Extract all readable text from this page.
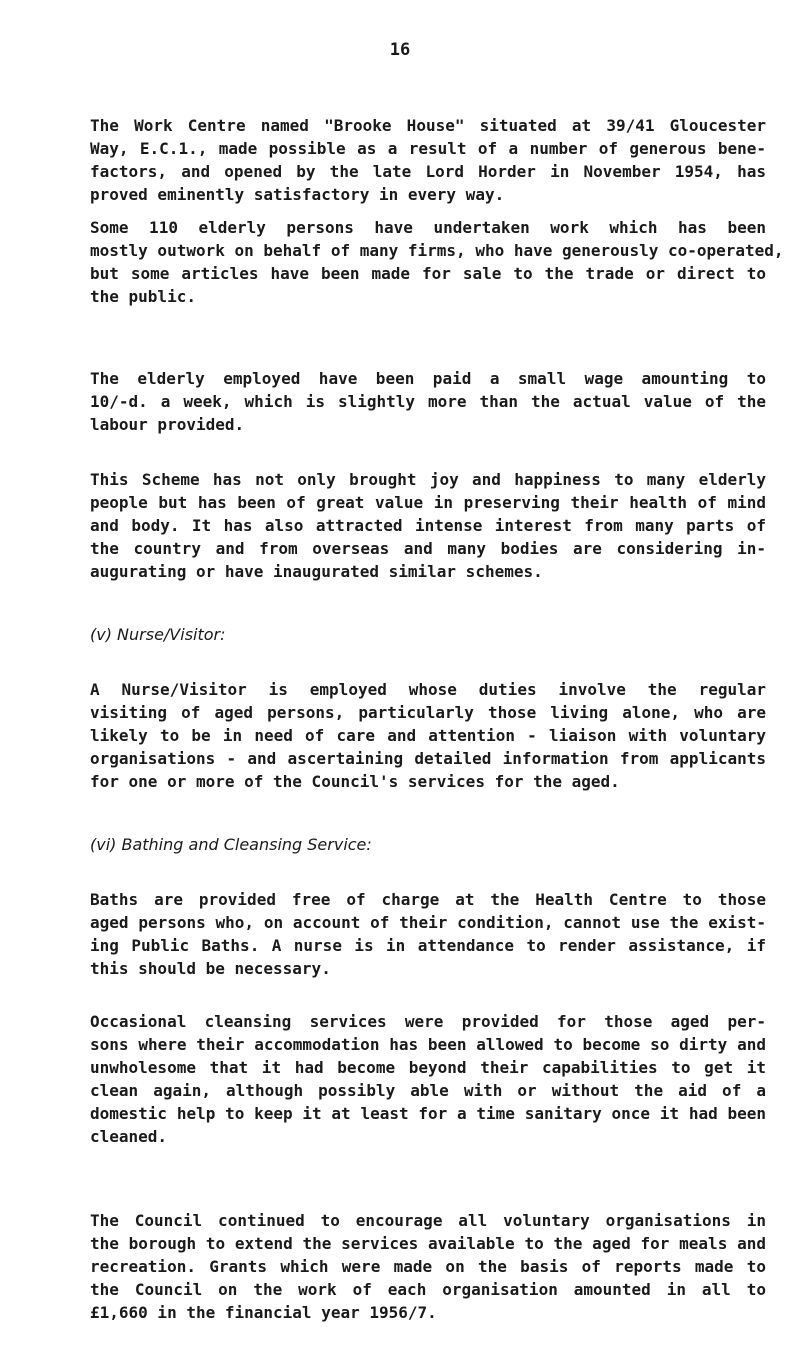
16
The Work Centre named "Brooke House" situated at 39/41 Gloucester
Way, E.C.1., made possible as a result of a number of generous bene-
factors, and opened by the late Lord Horder in November 1954, has
proved eminently satisfactory in every way.
Some 110 elderly persons have undertaken work which has been
mostly outwork on behalf of many firms, who have generously co-operated,
but some articles have been made for sale to the trade or direct to
the public.
The elderly employed have been paid a small wage amounting to
10/-d. a week, which is slightly more than the actual value of the
labour provided.
This Scheme has not only brought joy and happiness to many elderly
people but has been of great value in preserving their health of mind
and body. It has also attracted intense interest from many parts of
the country and from overseas and many bodies are considering in-
augurating or have inaugurated similar schemes.
(v) Nurse/Visitor:
A Nurse/Visitor is employed whose duties involve the regular
visiting of aged persons, particularly those living alone, who are
likely to be in need of care and attention - liaison with voluntary
organisations - and ascertaining detailed information from applicants
for one or more of the Council's services for the aged.
(vi) Bathing and Cleansing Service:
Baths are provided free of charge at the Health Centre to those
aged persons who, on account of their condition, cannot use the exist-
ing Public Baths. A nurse is in attendance to render assistance, if
this should be necessary.
Occasional cleansing services were provided for those aged per-
sons where their accommodation has been allowed to become so dirty and
unwholesome that it had become beyond their capabilities to get it
clean again, although possibly able with or without the aid of a
domestic help to keep it at least for a time sanitary once it had been
cleaned.
The Council continued to encourage all voluntary organisations in
the borough to extend the services available to the aged for meals and
recreation. Grants which were made on the basis of reports made to
the Council on the work of each organisation amounted in all to
£1,660 in the financial year 1956/7.
